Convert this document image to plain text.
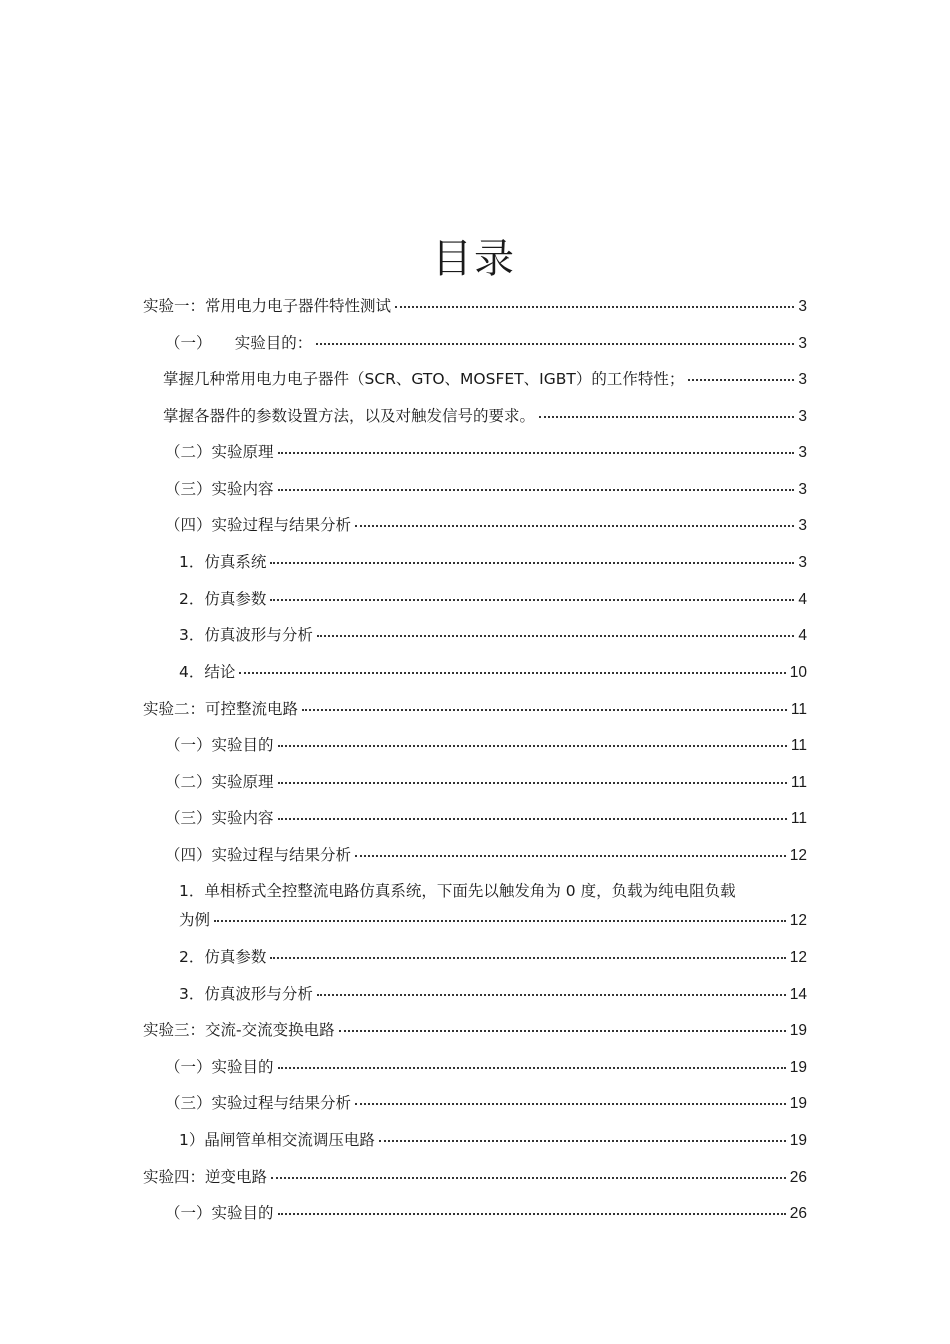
目录
实验一：常用电力电子器件特性测试	3
（一）　　实验目的：	3
掌握几种常用电力电子器件（SCR、GTO、MOSFET、IGBT）的工作特性；	3
掌握各器件的参数设置方法，以及对触发信号的要求。	3
（二）实验原理	3
（三）实验内容	3
（四）实验过程与结果分析	3
1．仿真系统	3
2．仿真参数	4
3．仿真波形与分析	4
4．结论	10
实验二：可控整流电路	11
（一）实验目的	11
（二）实验原理	11
（三）实验内容	11
（四）实验过程与结果分析	12
1．单相桥式全控整流电路仿真系统，下面先以触发角为 0 度，负载为纯电阻负载
为例	12
2．仿真参数	12
3．仿真波形与分析	14
实验三：交流-交流变换电路	19
（一）实验目的	19
（三）实验过程与结果分析	19
1）晶闸管单相交流调压电路	19
实验四：逆变电路	26
（一）实验目的	26
